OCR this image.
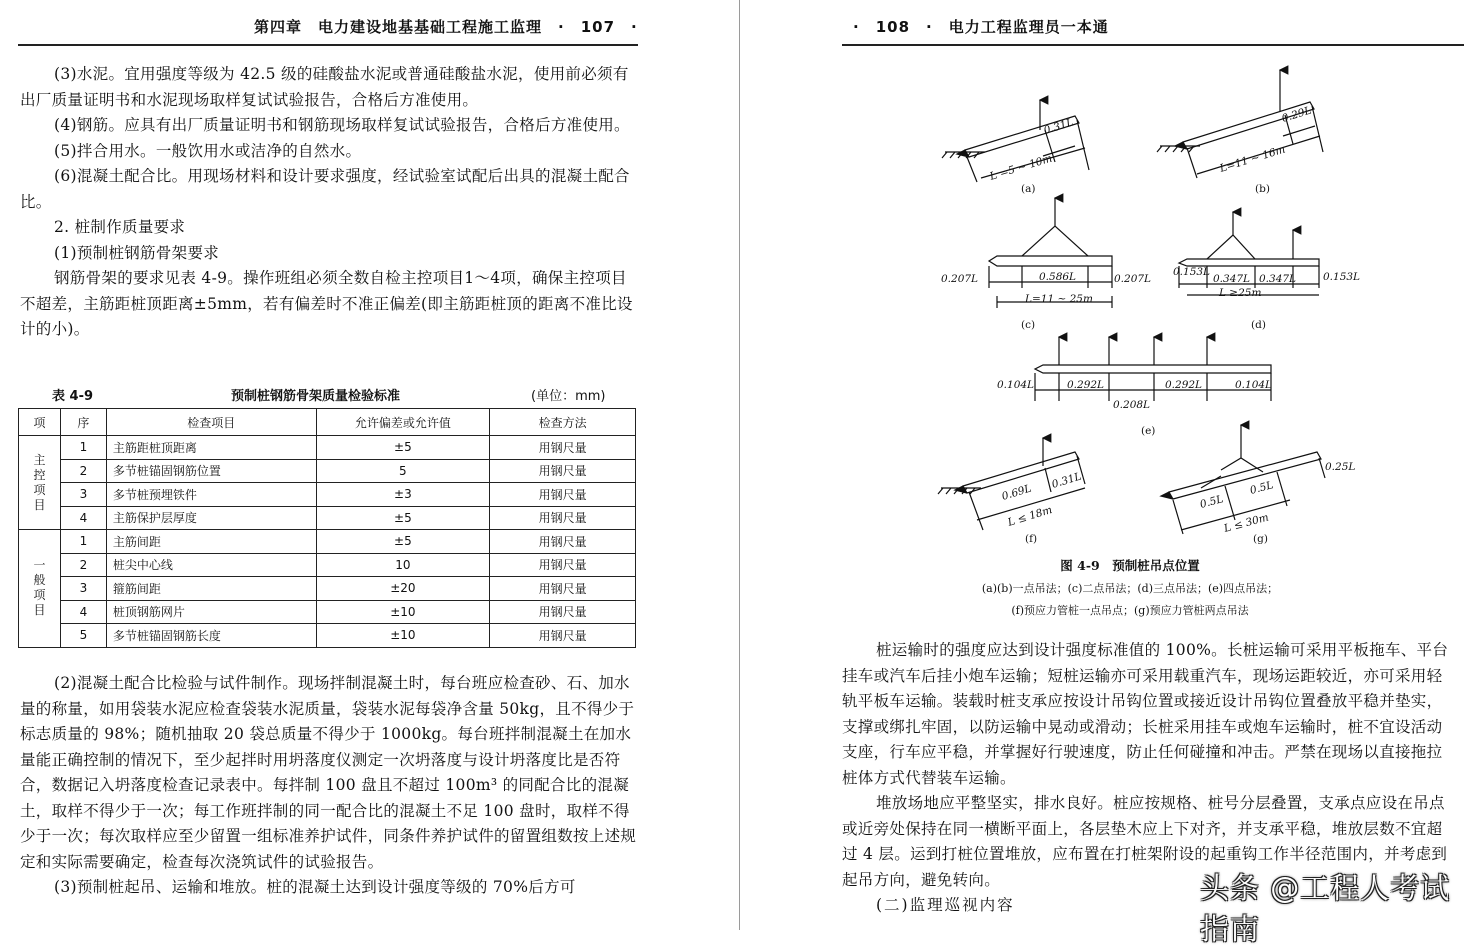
第四章　电力建设地基基础工程施工监理　·　107　·

(3)水泥。宜用强度等级为 42.5 级的硅酸盐水泥或普通硅酸盐水泥，使用前必须有出厂质量证明书和水泥现场取样复试试验报告，合格后方准使用。

(4)钢筋。应具有出厂质量证明书和钢筋现场取样复试试验报告，合格后方准使用。

(5)拌合用水。一般饮用水或洁净的自然水。

(6)混凝土配合比。用现场材料和设计要求强度，经试验室试配后出具的混凝土配合比。

2. 桩制作质量要求

(1)预制桩钢筋骨架要求

钢筋骨架的要求见表 4-9。操作班组必须全数自检主控项目1～4项，确保主控项目不超差，主筋距桩顶距离±5mm，若有偏差时不准正偏差(即主筋距桩顶的距离不准比设计的小)。

表 4-9	预制桩钢筋骨架质量检验标准	(单位：mm)
项	序	检查项目	允许偏差或允许值	检查方法
主控项目	1	主筋距桩顶距离	±5	用钢尺量
	2	多节桩锚固钢筋位置	5	用钢尺量
	3	多节桩预埋铁件	±3	用钢尺量
	4	主筋保护层厚度	±5	用钢尺量
一般项目	1	主筋间距	±5	用钢尺量
	2	桩尖中心线	10	用钢尺量
	3	箍筋间距	±20	用钢尺量
	4	桩顶钢筋网片	±10	用钢尺量
	5	多节桩锚固钢筋长度	±10	用钢尺量

(2)混凝土配合比检验与试件制作。现场拌制混凝土时，每台班应检查砂、石、加水量的称量，如用袋装水泥应检查袋装水泥质量，袋装水泥每袋净含量 50kg，且不得少于标志质量的 98%；随机抽取 20 袋总质量不得少于 1000kg。每台班拌制混凝土在加水量能正确控制的情况下，至少起拌时用坍落度仪测定一次坍落度与设计坍落度比是否符合，数据记入坍落度检查记录表中。每拌制 100 盘且不超过 100m³ 的同配合比的混凝土，取样不得少于一次；每工作班拌制的同一配合比的混凝土不足 100 盘时，取样不得少于一次；每次取样应至少留置一组标准养护试件，同条件养护试件的留置组数按上述规定和实际需要确定，检查每次浇筑试件的试验报告。

(3)预制桩起吊、运输和堆放。桩的混凝土达到设计强度等级的 70%后方可

·　108　·　电力工程监理员一本通
0.31L
L =5 ~ 10m
0.29L
L=11 ~ 16m
0.207L	0.586L	0.207L
L=11 ~ 25m
0.153L
0.347L 0.347L	0.153L
L ≥25m
0.104L	0.292L
0.208L
0.292L	0.104L
0.69L
0.31L
L ≤ 18m
0.5L
0.5L
0.25L
L ≤ 30m
(a)	(b)
(c)	(d)
(e)
(f)	(g)
图 4-9　预制桩吊点位置
(a)(b)一点吊法；(c)二点吊法；(d)三点吊法；(e)四点吊法；
(f)预应力管桩一点吊点；(g)预应力管桩两点吊法

桩运输时的强度应达到设计强度标准值的 100%。长桩运输可采用平板拖车、平台挂车或汽车后挂小炮车运输；短桩运输亦可采用载重汽车，现场运距较近，亦可采用轻轨平板车运输。装载时桩支承应按设计吊钩位置或接近设计吊钩位置叠放平稳并垫实，支撑或绑扎牢固，以防运输中晃动或滑动；长桩采用挂车或炮车运输时，桩不宜设活动支座，行车应平稳，并掌握好行驶速度，防止任何碰撞和冲击。严禁在现场以直接拖拉桩体方式代替装车运输。

堆放场地应平整坚实，排水良好。桩应按规格、桩号分层叠置，支承点应设在吊点或近旁处保持在同一横断平面上，各层垫木应上下对齐，并支承平稳，堆放层数不宜超过 4 层。运到打桩位置堆放，应布置在打桩架附设的起重钩工作半径范围内，并考虑到起吊方向，避免转向。

(二)监理巡视内容	头条 @工程人考试指南
